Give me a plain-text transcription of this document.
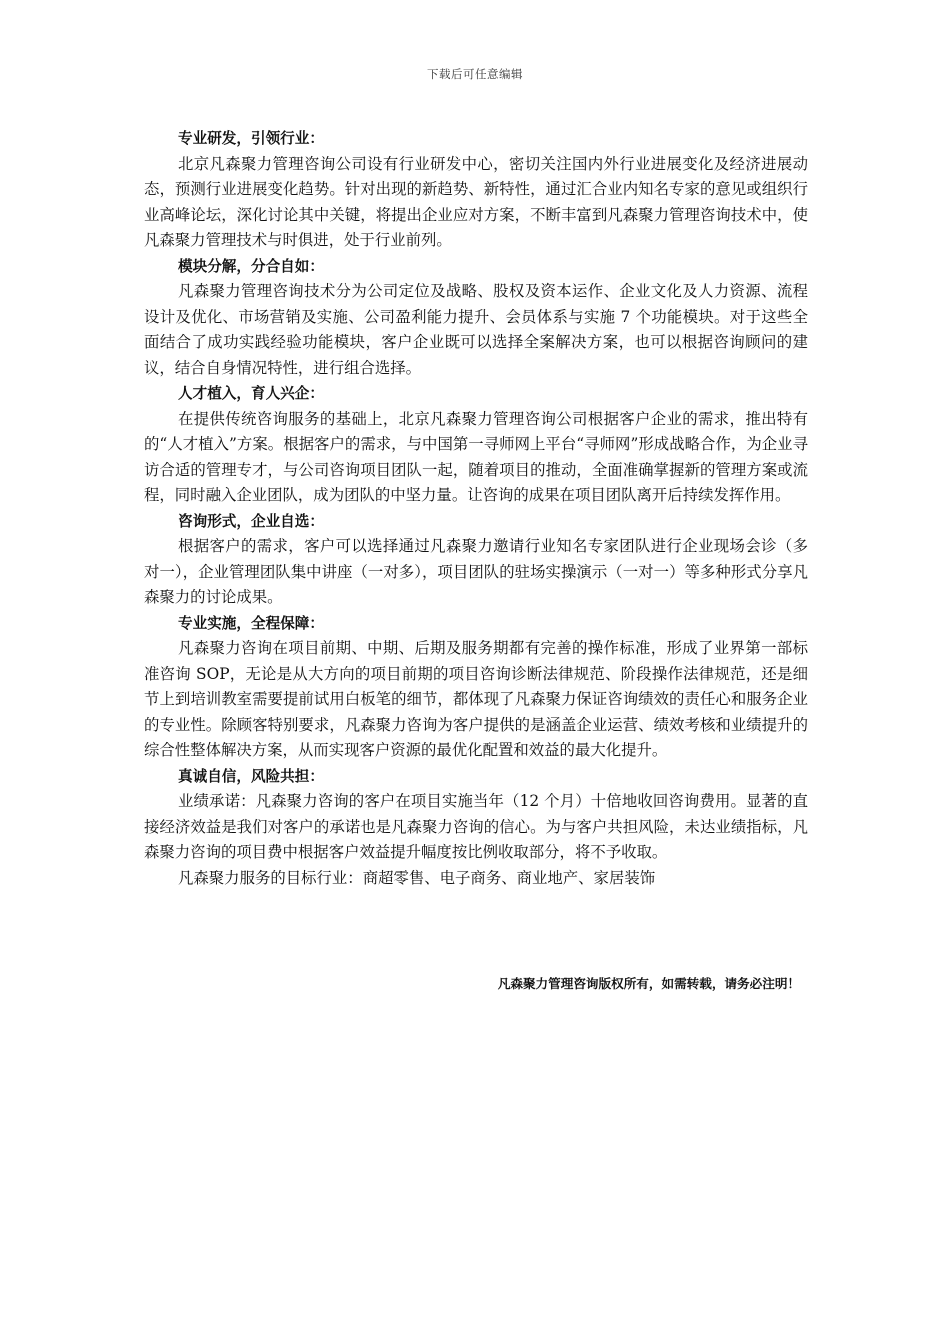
下载后可任意编辑

专业研发，引领行业：

北京凡森聚力管理咨询公司设有行业研发中心，密切关注国内外行业进展变化及经济进展动态，预测行业进展变化趋势。针对出现的新趋势、新特性，通过汇合业内知名专家的意见或组织行业高峰论坛，深化讨论其中关键，将提出企业应对方案，不断丰富到凡森聚力管理咨询技术中，使凡森聚力管理技术与时俱进，处于行业前列。

模块分解，分合自如：

凡森聚力管理咨询技术分为公司定位及战略、股权及资本运作、企业文化及人力资源、流程设计及优化、市场营销及实施、公司盈利能力提升、会员体系与实施 7 个功能模块。对于这些全面结合了成功实践经验功能模块，客户企业既可以选择全案解决方案，也可以根据咨询顾问的建议，结合自身情况特性，进行组合选择。

人才植入，育人兴企：

在提供传统咨询服务的基础上，北京凡森聚力管理咨询公司根据客户企业的需求，推出特有的“人才植入”方案。根据客户的需求，与中国第一寻师网上平台“寻师网”形成战略合作，为企业寻访合适的管理专才，与公司咨询项目团队一起，随着项目的推动，全面准确掌握新的管理方案或流程，同时融入企业团队，成为团队的中坚力量。让咨询的成果在项目团队离开后持续发挥作用。

咨询形式，企业自选：

根据客户的需求，客户可以选择通过凡森聚力邀请行业知名专家团队进行企业现场会诊（多对一），企业管理团队集中讲座（一对多），项目团队的驻场实操演示（一对一）等多种形式分享凡森聚力的讨论成果。

专业实施，全程保障：

凡森聚力咨询在项目前期、中期、后期及服务期都有完善的操作标准，形成了业界第一部标准咨询 SOP，无论是从大方向的项目前期的项目咨询诊断法律规范、阶段操作法律规范，还是细节上到培训教室需要提前试用白板笔的细节，都体现了凡森聚力保证咨询绩效的责任心和服务企业的专业性。除顾客特别要求，凡森聚力咨询为客户提供的是涵盖企业运营、绩效考核和业绩提升的综合性整体解决方案，从而实现客户资源的最优化配置和效益的最大化提升。

真诚自信，风险共担：

业绩承诺：凡森聚力咨询的客户在项目实施当年（12 个月）十倍地收回咨询费用。显著的直接经济效益是我们对客户的承诺也是凡森聚力咨询的信心。为与客户共担风险，未达业绩指标，凡森聚力咨询的项目费中根据客户效益提升幅度按比例收取部分，将不予收取。

凡森聚力服务的目标行业：商超零售、电子商务、商业地产、家居装饰

凡森聚力管理咨询版权所有，如需转载，请务必注明！
